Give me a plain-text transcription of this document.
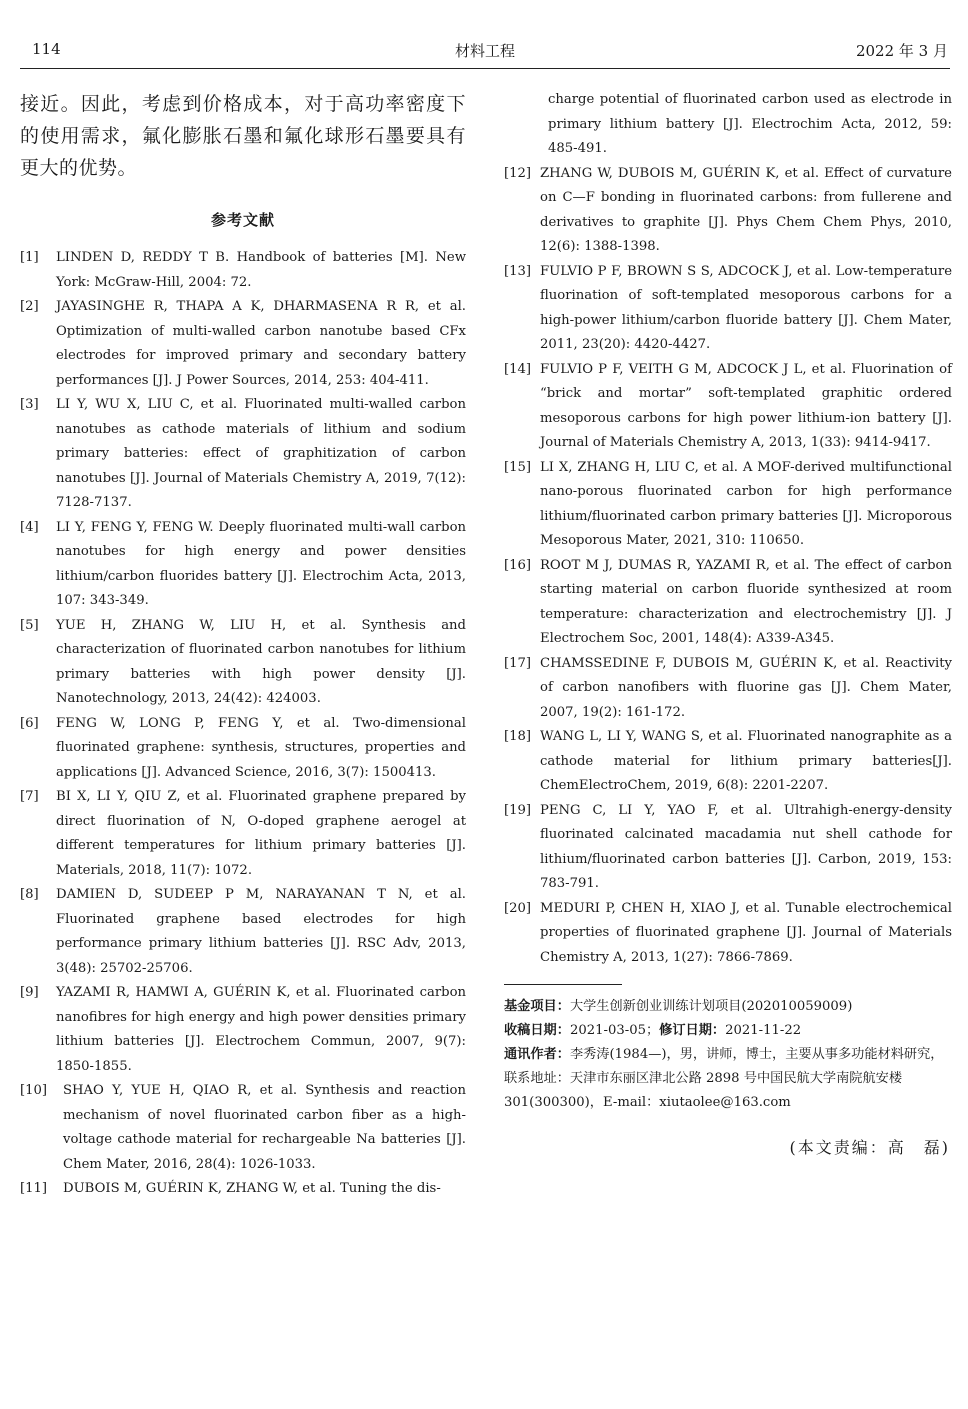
114	材料工程	2022 年 3 月

接近。因此，考虑到价格成本，对于高功率密度下的使用需求，氟化膨胀石墨和氟化球形石墨要具有更大的优势。

参考文献
[1]	LINDEN D, REDDY T B. Handbook of batteries [M]. New York: McGraw-Hill, 2004: 72.
[2]	JAYASINGHE R, THAPA A K, DHARMASENA R R, et al. Optimization of multi-walled carbon nanotube based CFx electrodes for improved primary and secondary battery performances [J]. J Power Sources, 2014, 253: 404-411.
[3]	LI Y, WU X, LIU C, et al. Fluorinated multi-walled carbon nanotubes as cathode materials of lithium and sodium primary batteries: effect of graphitization of carbon nanotubes [J]. Journal of Materials Chemistry A, 2019, 7(12): 7128-7137.
[4]	LI Y, FENG Y, FENG W. Deeply fluorinated multi-wall carbon nanotubes for high energy and power densities lithium/carbon fluorides battery [J]. Electrochim Acta, 2013, 107: 343-349.
[5]	YUE H, ZHANG W, LIU H, et al. Synthesis and characterization of fluorinated carbon nanotubes for lithium primary batteries with high power density [J]. Nanotechnology, 2013, 24(42): 424003.
[6]	FENG W, LONG P, FENG Y, et al. Two-dimensional fluorinated graphene: synthesis, structures, properties and applications [J]. Advanced Science, 2016, 3(7): 1500413.
[7]	BI X, LI Y, QIU Z, et al. Fluorinated graphene prepared by direct fluorination of N, O-doped graphene aerogel at different temperatures for lithium primary batteries [J]. Materials, 2018, 11(7): 1072.
[8]	DAMIEN D, SUDEEP P M, NARAYANAN T N, et al. Fluorinated graphene based electrodes for high performance primary lithium batteries [J]. RSC Adv, 2013, 3(48): 25702-25706.
[9]	YAZAMI R, HAMWI A, GUÉRIN K, et al. Fluorinated carbon nanofibres for high energy and high power densities primary lithium batteries [J]. Electrochem Commun, 2007, 9(7): 1850-1855.
[10]	SHAO Y, YUE H, QIAO R, et al. Synthesis and reaction mechanism of novel fluorinated carbon fiber as a high-voltage cathode material for rechargeable Na batteries [J]. Chem Mater, 2016, 28(4): 1026-1033.
[11]	DUBOIS M, GUÉRIN K, ZHANG W, et al. Tuning the dis-
charge potential of fluorinated carbon used as electrode in primary lithium battery [J]. Electrochim Acta, 2012, 59: 485-491.
[12] ZHANG W, DUBOIS M, GUÉRIN K, et al. Effect of curvature on C—F bonding in fluorinated carbons: from fullerene and derivatives to graphite [J]. Phys Chem Chem Phys, 2010, 12(6): 1388-1398.
[13] FULVIO P F, BROWN S S, ADCOCK J, et al. Low-temperature fluorination of soft-templated mesoporous carbons for a high-power lithium/carbon fluoride battery [J]. Chem Mater, 2011, 23(20): 4420-4427.
[14] FULVIO P F, VEITH G M, ADCOCK J L, et al. Fluorination of “brick and mortar” soft-templated graphitic ordered mesoporous carbons for high power lithium-ion battery [J]. Journal of Materials Chemistry A, 2013, 1(33): 9414-9417.
[15] LI X, ZHANG H, LIU C, et al. A MOF-derived multifunctional nano-porous fluorinated carbon for high performance lithium/fluorinated carbon primary batteries [J]. Microporous Mesoporous Mater, 2021, 310: 110650.
[16] ROOT M J, DUMAS R, YAZAMI R, et al. The effect of carbon starting material on carbon fluoride synthesized at room temperature: characterization and electrochemistry [J]. J Electrochem Soc, 2001, 148(4): A339-A345.
[17] CHAMSSEDINE F, DUBOIS M, GUÉRIN K, et al. Reactivity of carbon nanofibers with fluorine gas [J]. Chem Mater, 2007, 19(2): 161-172.
[18] WANG L, LI Y, WANG S, et al. Fluorinated nanographite as a cathode material for lithium primary batteries[J]. ChemElectroChem, 2019, 6(8): 2201-2207.
[19] PENG C, LI Y, YAO F, et al. Ultrahigh-energy-density fluorinated calcinated macadamia nut shell cathode for lithium/fluorinated carbon batteries [J]. Carbon, 2019, 153: 783-791.
[20] MEDURI P, CHEN H, XIAO J, et al. Tunable electrochemical properties of fluorinated graphene [J]. Journal of Materials Chemistry A, 2013, 1(27): 7866-7869.

基金项目：大学生创新创业训练计划项目(202010059009)

收稿日期：2021-03-05；修订日期：2021-11-22

通讯作者：李秀涛(1984—)，男，讲师，博士，主要从事多功能材料研究，联系地址：天津市东丽区津北公路 2898 号中国民航大学南院航安楼 301(300300)，E-mail：xiutaolee@163.com

(本文责编：高　磊)
